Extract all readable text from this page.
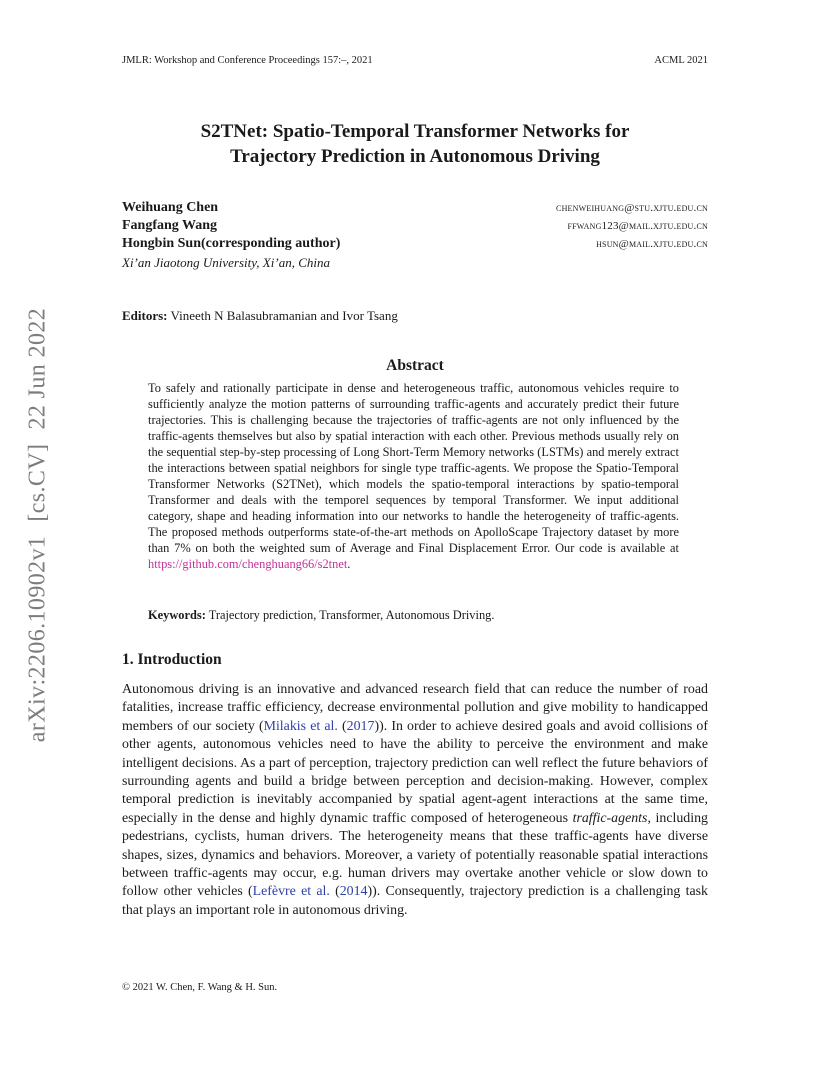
JMLR: Workshop and Conference Proceedings 157:–, 2021	ACML 2021
S2TNet: Spatio-Temporal Transformer Networks for
Trajectory Prediction in Autonomous Driving
Weihuang Chen	chenweihuang@stu.xjtu.edu.cn
Fangfang Wang	ffwang123@mail.xjtu.edu.cn
Hongbin Sun(corresponding author)	hsun@mail.xjtu.edu.cn
Xi’an Jiaotong University, Xi’an, China
Editors: Vineeth N Balasubramanian and Ivor Tsang
Abstract
To safely and rationally participate in dense and heterogeneous traffic, autonomous vehicles require to sufficiently analyze the motion patterns of surrounding traffic-agents and accurately predict their future trajectories. This is challenging because the trajectories of traffic-agents are not only influenced by the traffic-agents themselves but also by spatial interaction with each other. Previous methods usually rely on the sequential step-by-step processing of Long Short-Term Memory networks (LSTMs) and merely extract the interactions between spatial neighbors for single type traffic-agents. We propose the Spatio-Temporal Transformer Networks (S2TNet), which models the spatio-temporal interactions by spatio-temporal Transformer and deals with the temporel sequences by temporal Transformer. We input additional category, shape and heading information into our networks to handle the heterogeneity of traffic-agents. The proposed methods outperforms state-of-the-art methods on ApolloScape Trajectory dataset by more than 7% on both the weighted sum of Average and Final Displacement Error. Our code is available at https://github.com/chenghuang66/s2tnet.
Keywords: Trajectory prediction, Transformer, Autonomous Driving.
1. Introduction
Autonomous driving is an innovative and advanced research field that can reduce the number of road fatalities, increase traffic efficiency, decrease environmental pollution and give mobility to handicapped members of our society (Milakis et al. (2017)). In order to achieve desired goals and avoid collisions of other agents, autonomous vehicles need to have the ability to perceive the environment and make intelligent decisions. As a part of perception, trajectory prediction can well reflect the future behaviors of surrounding agents and build a bridge between perception and decision-making. However, complex temporal prediction is inevitably accompanied by spatial agent-agent interactions at the same time, especially in the dense and highly dynamic traffic composed of heterogeneous traffic-agents, including pedestrians, cyclists, human drivers. The heterogeneity means that these traffic-agents have diverse shapes, sizes, dynamics and behaviors. Moreover, a variety of potentially reasonable spatial interactions between traffic-agents may occur, e.g. human drivers may overtake another vehicle or slow down to follow other vehicles (Lefèvre et al. (2014)). Consequently, trajectory prediction is a challenging task that plays an important role in autonomous driving.
© 2021 W. Chen, F. Wang & H. Sun.
arXiv:2206.10902v1[cs.CV]22 Jun 2022
